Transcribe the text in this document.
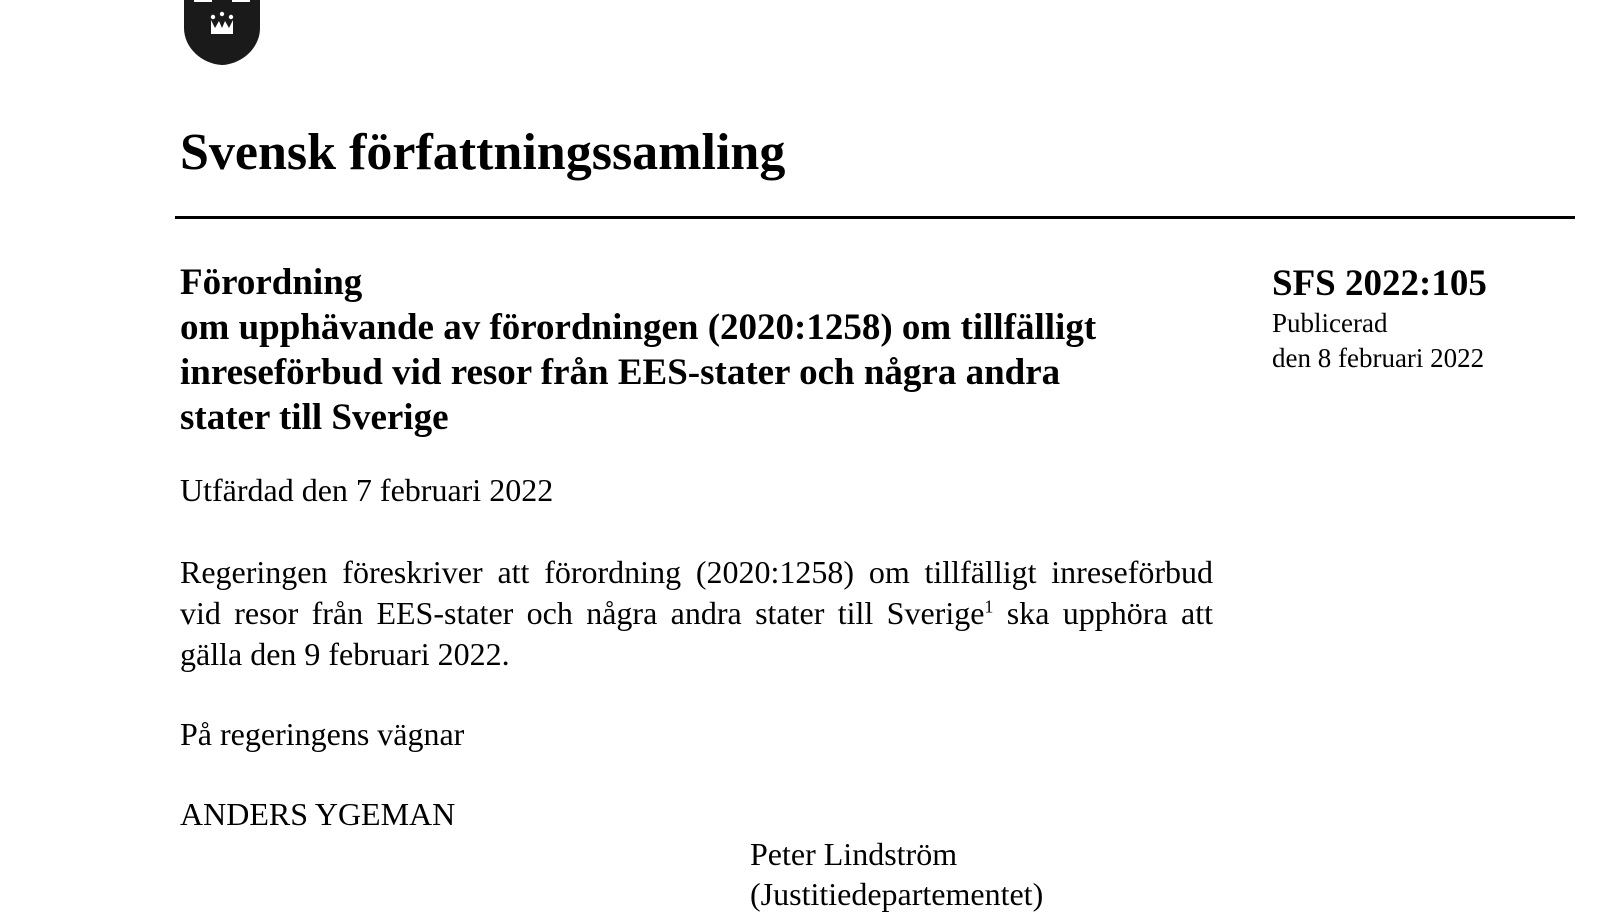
Svensk författningssamling
Förordning
om upphävande av förordningen (2020:1258) om tillfälligt
inreseförbud vid resor från EES-stater och några andra
stater till Sverige
SFS 2022:105
Publicerad
den 8 februari 2022

Utfärdad den 7 februari 2022

Regeringen föreskriver att förordning (2020:1258) om tillfälligt inreseförbud vid resor från EES-stater och några andra stater till Sverige$^1$ ska upphöra att gälla den 9 februari 2022.

På regeringens vägnar

ANDERS YGEMAN

Peter Lindström
(Justitiedepartementet)
